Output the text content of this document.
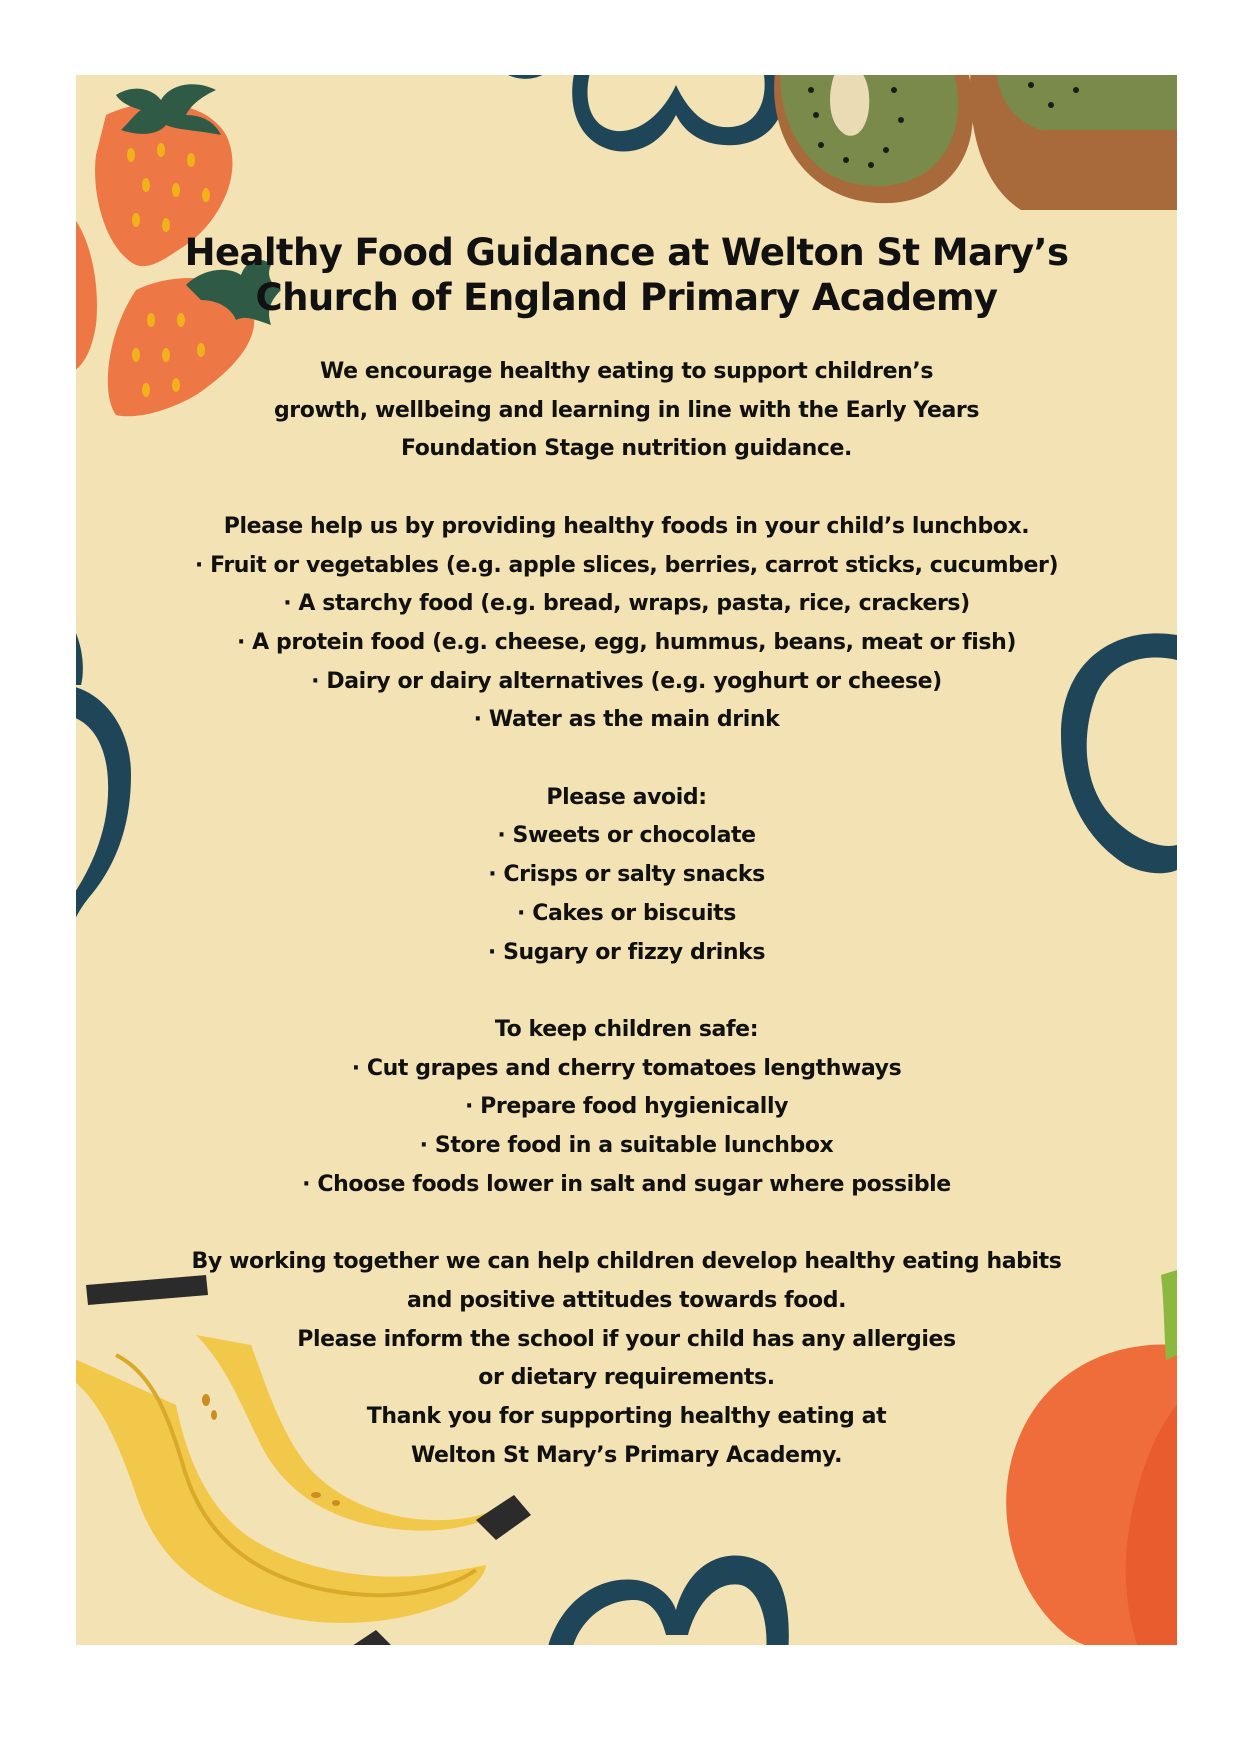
Healthy Food Guidance at Welton St Mary’s
Church of England Primary Academy
We encourage healthy eating to support children’s
growth, wellbeing and learning in line with the Early Years
Foundation Stage nutrition guidance.
Please help us by providing healthy foods in your child’s lunchbox.
· Fruit or vegetables (e.g. apple slices, berries, carrot sticks, cucumber)
· A starchy food (e.g. bread, wraps, pasta, rice, crackers)
· A protein food (e.g. cheese, egg, hummus, beans, meat or fish)
· Dairy or dairy alternatives (e.g. yoghurt or cheese)
· Water as the main drink
Please avoid:
· Sweets or chocolate
· Crisps or salty snacks
· Cakes or biscuits
· Sugary or fizzy drinks
To keep children safe:
· Cut grapes and cherry tomatoes lengthways
· Prepare food hygienically
· Store food in a suitable lunchbox
· Choose foods lower in salt and sugar where possible
By working together we can help children develop healthy eating habits
and positive attitudes towards food.
Please inform the school if your child has any allergies
or dietary requirements.
Thank you for supporting healthy eating at
Welton St Mary’s Primary Academy.
